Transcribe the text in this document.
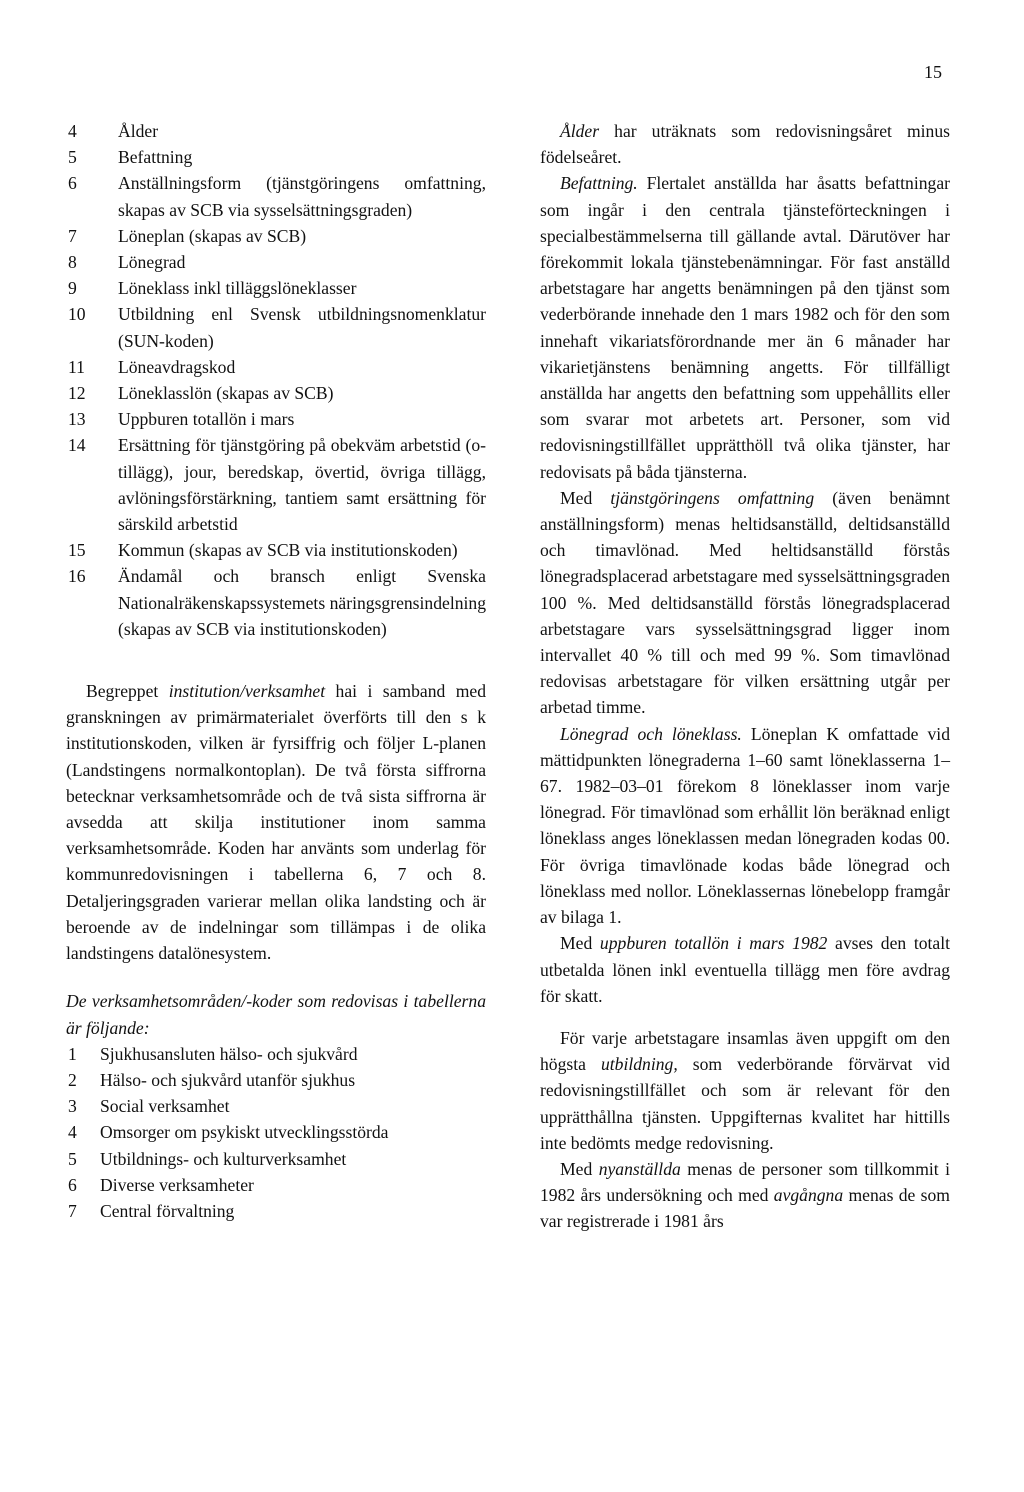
15
4	Ålder
5	Befattning
6	Anställningsform (tjänstgöringens omfattning, skapas av SCB via sysselsättningsgraden)
7	Löneplan (skapas av SCB)
8	Lönegrad
9	Löneklass inkl tilläggslöneklasser
10	Utbildning enl Svensk utbildningsnomenklatur (SUN-koden)
11	Löneavdragskod
12	Löneklasslön (skapas av SCB)
13	Uppburen totallön i mars
14	Ersättning för tjänstgöring på obekväm arbetstid (o-tillägg), jour, beredskap, övertid, övriga tillägg, avlöningsförstärkning, tantiem samt ersättning för särskild arbetstid
15	Kommun (skapas av SCB via institutionskoden)
16	Ändamål och bransch enligt Svenska Nationalräkenskapssystemets näringsgrensindelning (skapas av SCB via institutionskoden)

Begreppet institution/verksamhet hai i samband med granskningen av primärmaterialet överförts till den s k institutionskoden, vilken är fyrsiffrig och följer L-planen (Landstingens normalkontoplan). De två första siffrorna betecknar verksamhetsområde och de två sista siffrorna är avsedda att skilja institutioner inom samma verksamhetsområde. Koden har använts som underlag för kommunredovisningen i tabellerna 6, 7 och 8. Detaljeringsgraden varierar mellan olika landsting och är beroende av de indelningar som tillämpas i de olika landstingens datalönesystem.

De verksamhetsområden/-koder som redovisas i tabellerna är följande:

1	Sjukhusansluten hälso- och sjukvård
2	Hälso- och sjukvård utanför sjukhus
3	Social verksamhet
4	Omsorger om psykiskt utvecklingsstörda
5	Utbildnings- och kulturverksamhet
6	Diverse verksamheter
7	Central förvaltning

Ålder har uträknats som redovisningsåret minus födelseåret.

Befattning. Flertalet anställda har åsatts befattningar som ingår i den centrala tjänsteförteckningen i specialbestämmelserna till gällande avtal. Därutöver har förekommit lokala tjänstebenämningar. För fast anställd arbetstagare har angetts benämningen på den tjänst som vederbörande innehade den 1 mars 1982 och för den som innehaft vikariatsförordnande mer än 6 månader har vikarietjänstens benämning angetts. För tillfälligt anställda har angetts den befattning som uppehållits eller som svarar mot arbetets art. Personer, som vid redovisningstillfället upprätthöll två olika tjänster, har redovisats på båda tjänsterna.

Med tjänstgöringens omfattning (även benämnt anställningsform) menas heltidsanställd, deltidsanställd och timavlönad. Med heltidsanställd förstås lönegradsplacerad arbetstagare med sysselsättningsgraden 100 %. Med deltidsanställd förstås lönegradsplacerad arbetstagare vars sysselsättningsgrad ligger inom intervallet 40 % till och med 99 %. Som timavlönad redovisas arbetstagare för vilken ersättning utgår per arbetad timme.

Lönegrad och löneklass. Löneplan K omfattade vid mättidpunkten lönegraderna 1–60 samt löneklasserna 1–67. 1982–03–01 förekom 8 löneklasser inom varje lönegrad. För timavlönad som erhållit lön beräknad enligt löneklass anges löneklassen medan lönegraden kodas 00. För övriga timavlönade kodas både lönegrad och löneklass med nollor. Löneklassernas lönebelopp framgår av bilaga 1.

Med uppburen totallön i mars 1982 avses den totalt utbetalda lönen inkl eventuella tillägg men före avdrag för skatt.

För varje arbetstagare insamlas även uppgift om den högsta utbildning, som vederbörande förvärvat vid redovisningstillfället och som är relevant för den upprätthållna tjänsten. Uppgifternas kvalitet har hittills inte bedömts medge redovisning.

Med nyanställda menas de personer som tillkommit i 1982 års undersökning och med avgångna menas de som var registrerade i 1981 års
